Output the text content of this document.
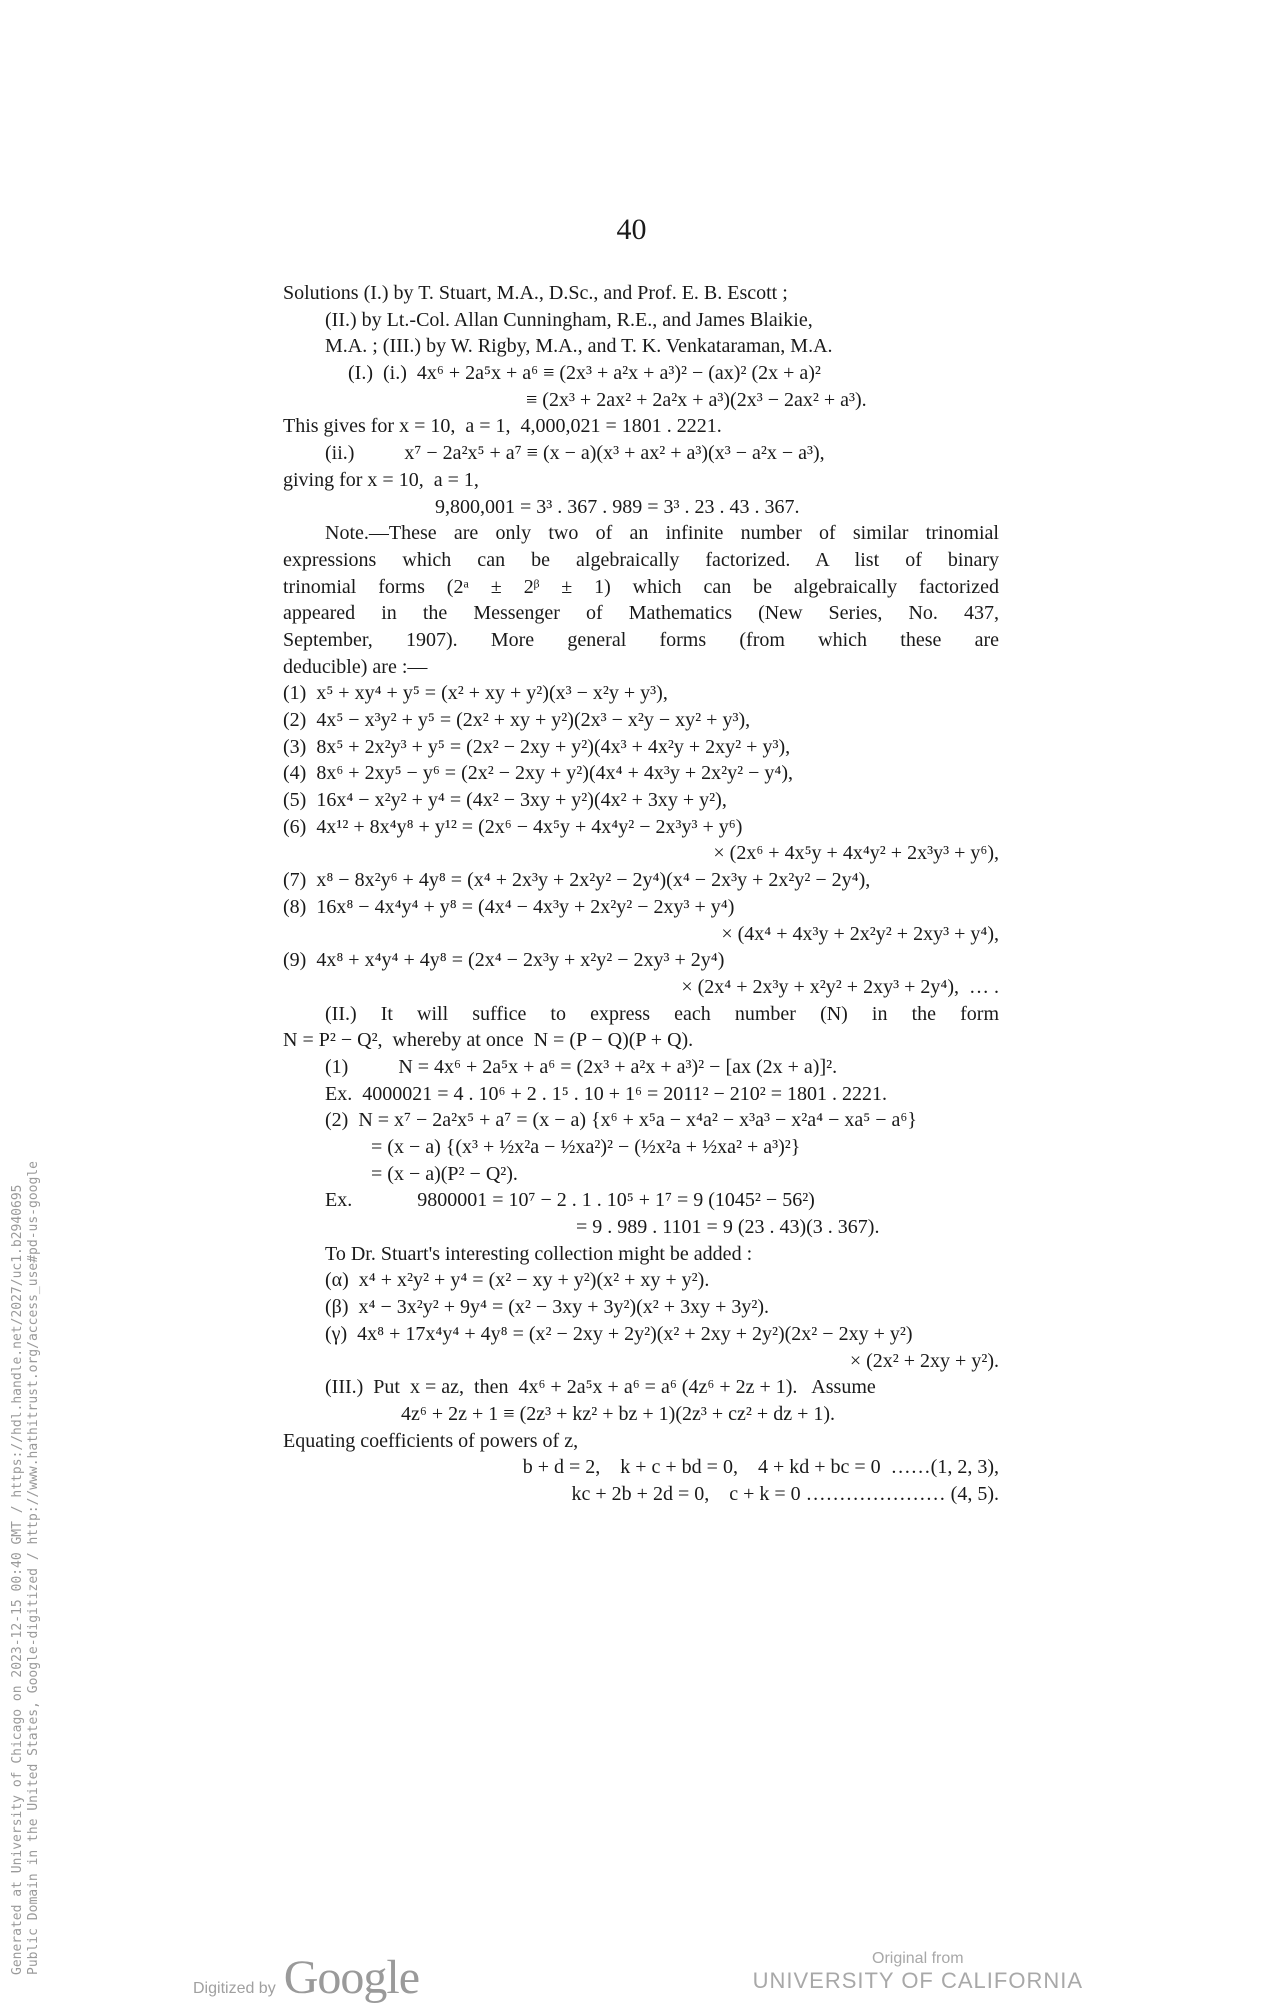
40
Solutions (I.) by T. Stuart, M.A., D.Sc., and Prof. E. B. Escott ;
(II.) by Lt.-Col. Allan Cunningham, R.E., and James Blaikie,
M.A. ; (III.) by W. Rigby, M.A., and T. K. Venkataraman, M.A.
(I.)  (i.)  4x⁶ + 2a⁵x + a⁶ ≡ (2x³ + a²x + a³)² − (ax)² (2x + a)²
≡ (2x³ + 2ax² + 2a²x + a³)(2x³ − 2ax² + a³).
This gives for x = 10,  a = 1,  4,000,021 = 1801 . 2221.
(ii.)          x⁷ − 2a²x⁵ + a⁷ ≡ (x − a)(x³ + ax² + a³)(x³ − a²x − a³),
giving for x = 10,  a = 1,
9,800,001 = 3³ . 367 . 989 = 3³ . 23 . 43 . 367.
Note.—These are only two of an infinite number of similar trinomial
expressions which can be algebraically factorized. A list of binary
trinomial forms (2ᵃ ± 2ᵝ ± 1) which can be algebraically factorized
appeared in the Messenger of Mathematics (New Series, No. 437,
September, 1907). More general forms (from which these are
deducible) are :—
(1)  x⁵ + xy⁴ + y⁵ = (x² + xy + y²)(x³ − x²y + y³),
(2)  4x⁵ − x³y² + y⁵ = (2x² + xy + y²)(2x³ − x²y − xy² + y³),
(3)  8x⁵ + 2x²y³ + y⁵ = (2x² − 2xy + y²)(4x³ + 4x²y + 2xy² + y³),
(4)  8x⁶ + 2xy⁵ − y⁶ = (2x² − 2xy + y²)(4x⁴ + 4x³y + 2x²y² − y⁴),
(5)  16x⁴ − x²y² + y⁴ = (4x² − 3xy + y²)(4x² + 3xy + y²),
(6)  4x¹² + 8x⁴y⁸ + y¹² = (2x⁶ − 4x⁵y + 4x⁴y² − 2x³y³ + y⁶)
× (2x⁶ + 4x⁵y + 4x⁴y² + 2x³y³ + y⁶),
(7)  x⁸ − 8x²y⁶ + 4y⁸ = (x⁴ + 2x³y + 2x²y² − 2y⁴)(x⁴ − 2x³y + 2x²y² − 2y⁴),
(8)  16x⁸ − 4x⁴y⁴ + y⁸ = (4x⁴ − 4x³y + 2x²y² − 2xy³ + y⁴)
× (4x⁴ + 4x³y + 2x²y² + 2xy³ + y⁴),
(9)  4x⁸ + x⁴y⁴ + 4y⁸ = (2x⁴ − 2x³y + x²y² − 2xy³ + 2y⁴)
× (2x⁴ + 2x³y + x²y² + 2xy³ + 2y⁴),  … .
(II.) It will suffice to express each number (N) in the form
N = P² − Q²,  whereby at once  N = (P − Q)(P + Q).
(1)          N = 4x⁶ + 2a⁵x + a⁶ = (2x³ + a²x + a³)² − [ax (2x + a)]².
Ex.  4000021 = 4 . 10⁶ + 2 . 1⁵ . 10 + 1⁶ = 2011² − 210² = 1801 . 2221.
(2)  N = x⁷ − 2a²x⁵ + a⁷ = (x − a) {x⁶ + x⁵a − x⁴a² − x³a³ − x²a⁴ − xa⁵ − a⁶}
= (x − a) {(x³ + ½x²a − ½xa²)² − (½x²a + ½xa² + a³)²}
= (x − a)(P² − Q²).
Ex.             9800001 = 10⁷ − 2 . 1 . 10⁵ + 1⁷ = 9 (1045² − 56²)
= 9 . 989 . 1101 = 9 (23 . 43)(3 . 367).
To Dr. Stuart's interesting collection might be added :
(α)  x⁴ + x²y² + y⁴ = (x² − xy + y²)(x² + xy + y²).
(β)  x⁴ − 3x²y² + 9y⁴ = (x² − 3xy + 3y²)(x² + 3xy + 3y²).
(γ)  4x⁸ + 17x⁴y⁴ + 4y⁸ = (x² − 2xy + 2y²)(x² + 2xy + 2y²)(2x² − 2xy + y²)
× (2x² + 2xy + y²).
(III.)  Put  x = az,  then  4x⁶ + 2a⁵x + a⁶ = a⁶ (4z⁶ + 2z + 1).   Assume
4z⁶ + 2z + 1 ≡ (2z³ + kz² + bz + 1)(2z³ + cz² + dz + 1).
Equating coefficients of powers of z,
b + d = 2,    k + c + bd = 0,    4 + kd + bc = 0  ……(1, 2, 3),
kc + 2b + 2d = 0,    c + k = 0 ………………… (4, 5).
Generated at University of Chicago on 2023-12-15 00:40 GMT / https://hdl.handle.net/2027/uc1.b2940695 Public Domain in the United States, Google-digitized / http://www.hathitrust.org/access_use#pd-us-google
Digitized by Google	Original from
UNIVERSITY OF CALIFORNIA
